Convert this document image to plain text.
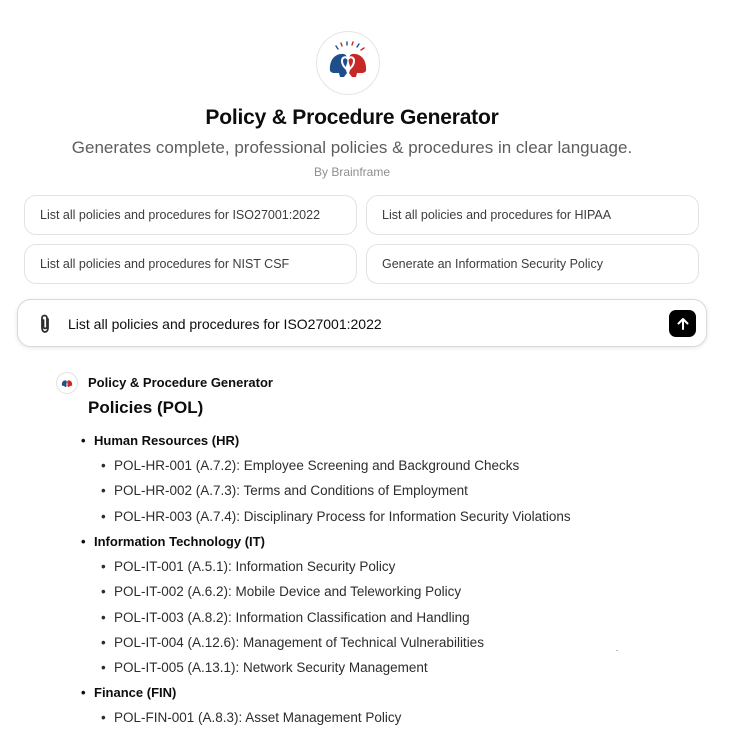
Policy & Procedure Generator
Generates complete, professional policies & procedures in clear language.
By Brainframe
List all policies and procedures for ISO27001:2022	List all policies and procedures for HIPAA
List all policies and procedures for NIST CSF	Generate an Information Security Policy
List all policies and procedures for ISO27001:2022
Policy & Procedure Generator
Policies (POL)
• Human Resources (HR)
• POL-HR-001 (A.7.2): Employee Screening and Background Checks
• POL-HR-002 (A.7.3): Terms and Conditions of Employment
• POL-HR-003 (A.7.4): Disciplinary Process for Information Security Violations
• Information Technology (IT)
• POL-IT-001 (A.5.1): Information Security Policy
• POL-IT-002 (A.6.2): Mobile Device and Teleworking Policy
• POL-IT-003 (A.8.2): Information Classification and Handling
• POL-IT-004 (A.12.6): Management of Technical Vulnerabilities
• POL-IT-005 (A.13.1): Network Security Management
• Finance (FIN)
• POL-FIN-001 (A.8.3): Asset Management Policy
